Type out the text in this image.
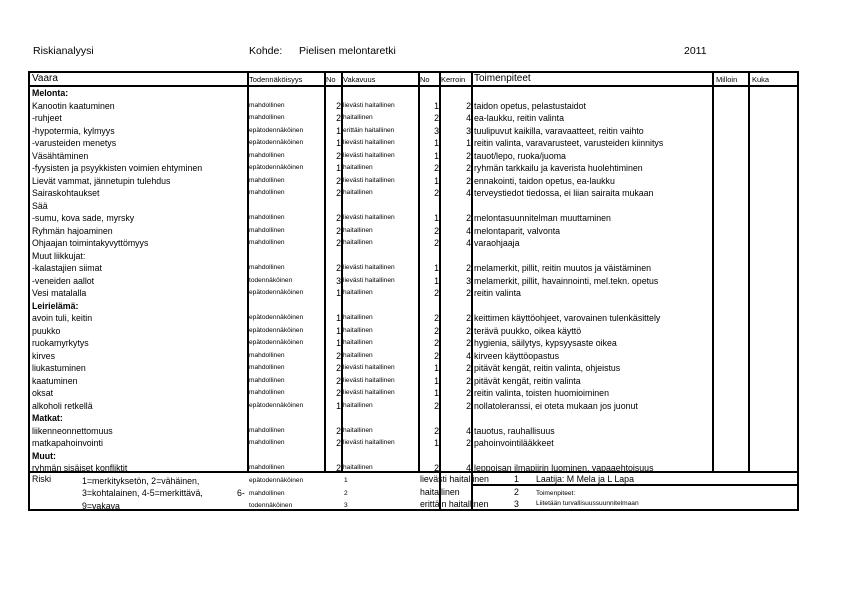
Riskianalyysi	Kohde: Pielisen melontaretki	2011
Vaara	Todennäköisyys	No Vakavuus	No	Kerroin Toimenpiteet	Milloin Kuka
Melonta:
Kanootin kaatuminen	mahdollinen	2 lievästi haitallinen	1	2 taidon opetus, pelastustaidot
-ruhjeet	mahdollinen	2 haitallinen	2	4 ea-laukku, reitin valinta
-hypotermia, kylmyys	epätodennäköinen	1 erittäin haitallinen	3	3 tuulipuvut kaikilla, varavaatteet, reitin vaihto
-varusteiden menetys	epätodennäköinen	1 lievästi haitallinen	1	1 reitin valinta, varavarusteet, varusteiden kiinnitys
Väsähtäminen	mahdollinen	2 lievästi haitallinen	1	2 tauot/lepo, ruoka/juoma
-fyysisten ja psyykkisten voimien ehtyminen	epätodennäköinen	1 haitallinen	2	2 ryhmän tarkkailu ja kaverista huolehtiminen
Lievät vammat, jännetupin tulehdus	mahdollinen	2 lievästi haitallinen	1	2 ennakointi, taidon opetus, ea-laukku
Sairaskohtaukset	mahdollinen	2 haitallinen	2	4 terveystiedot tiedossa, ei liian sairaita mukaan
Sää
-sumu, kova sade, myrsky	mahdollinen	2 lievästi haitallinen	1	2 melontasuunnitelman muuttaminen
Ryhmän hajoaminen	mahdollinen	2 haitallinen	2	4 melontaparit, valvonta
Ohjaajan toimintakyvyttömyys	mahdollinen	2 haitallinen	2	4 varaohjaaja
Muut liikkujat:
-kalastajien siimat	mahdollinen	2 lievästi haitallinen	1	2 melamerkit, pillit, reitin muutos ja väistäminen
-veneiden aallot	todennäköinen	3 lievästi haitallinen	1	3 melamerkit, pillit, havainnointi, mel.tekn. opetus
Vesi matalalla	epätodennäköinen	1 haitallinen	2	2 reitin valinta
Leirielämä:
avoin tuli, keitin	epätodennäköinen	1 haitallinen	2	2 keittimen käyttöohjeet, varovainen tulenkäsittely
puukko	epätodennäköinen	1 haitallinen	2	2 terävä puukko, oikea käyttö
ruokamyrkytys	epätodennäköinen	1 haitallinen	2	2 hygienia, säilytys, kypsyysaste oikea
kirves	mahdollinen	2 haitallinen	2	4 kirveen käyttöopastus
liukastuminen	mahdollinen	2 lievästi haitallinen	1	2 pitävät kengät, reitin valinta, ohjeistus
kaatuminen	mahdollinen	2 lievästi haitallinen	1	2 pitävät kengät, reitin valinta
oksat	mahdollinen	2 lievästi haitallinen	1	2 reitin valinta, toisten huomioiminen
alkoholi retkellä	epätodennäköinen	1 haitallinen	2	2 nollatoleranssi, ei oteta mukaan jos juonut
Matkat:
liikenneonnettomuus	mahdollinen	2 haitallinen	2	4 tauotus, rauhallisuus
matkapahoinvointi	mahdollinen	2 lievästi haitallinen	1	2 pahoinvointilääkkeet
Muut:
ryhmän sisäiset konfliktit	mahdollinen	2 haitallinen	2	4 leppoisan ilmapiirin luominen, vapaaehtoisuus
Riski	1=merkityksetön, 2=vähäinen,
3=kohtalainen, 4-5=merkittävä,	6-
9=vakava
epätodennäköinen	1
mahdollinen	2
todennäköinen	3
lievästi haitallinen	1
haitallinen	2
erittäin haitallinen	3
Laatija: M Mela ja L Lapa
Toimenpiteet:
Liitetään turvallisuussuunnitelmaan
